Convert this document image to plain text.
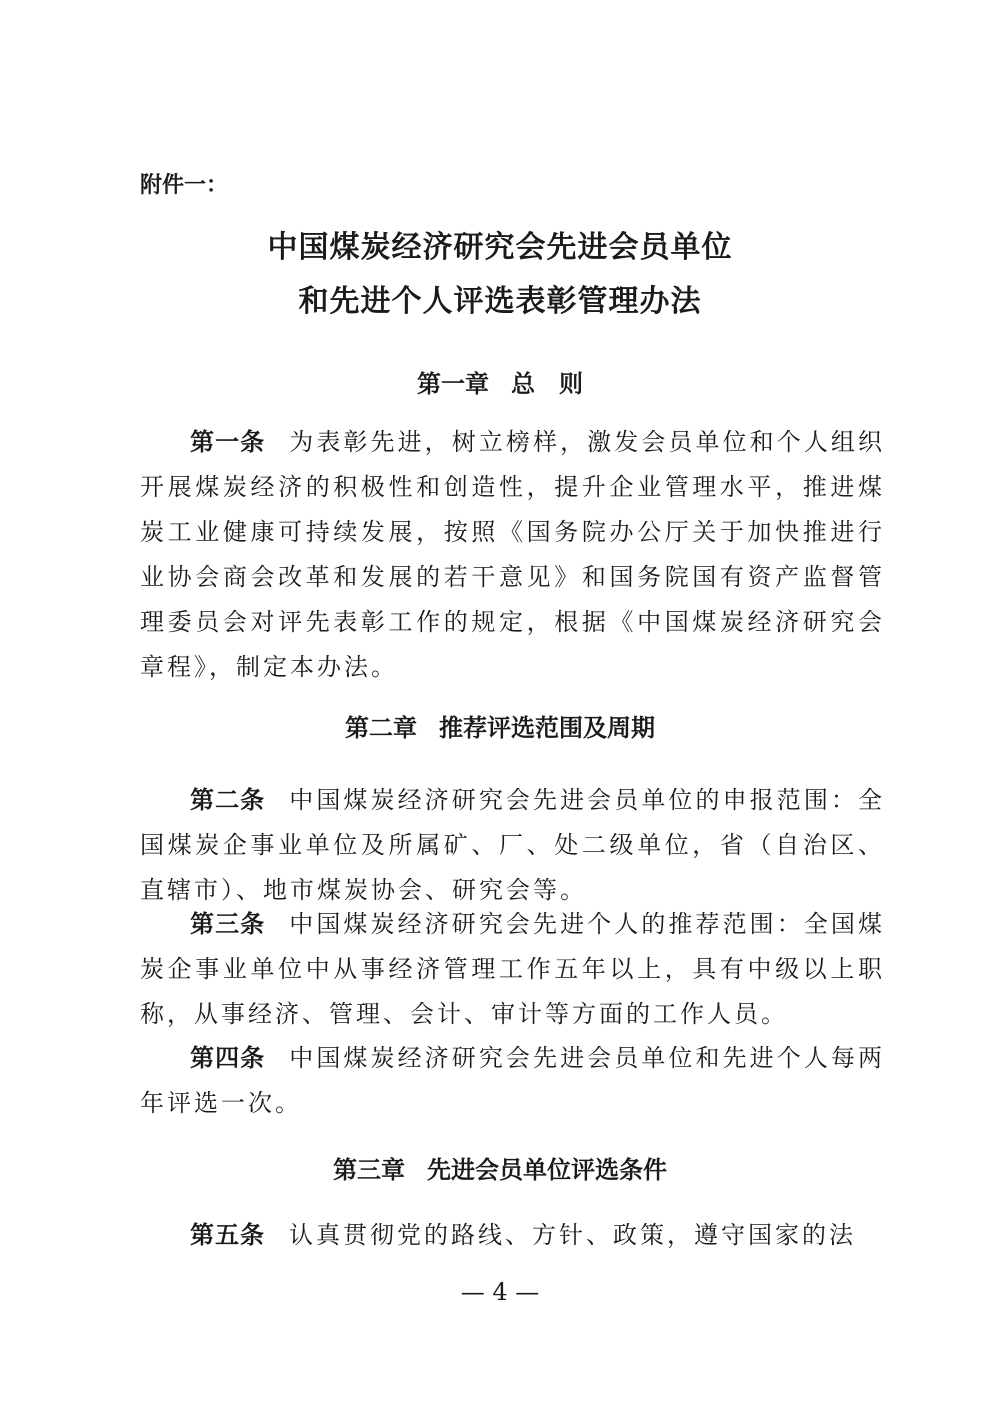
附件一：
中国煤炭经济研究会先进会员单位
和先进个人评选表彰管理办法
第一章 总　则
第一条 为表彰先进，树立榜样，激发会员单位和个人组织开展煤炭经济的积极性和创造性，提升企业管理水平，推进煤炭工业健康可持续发展，按照《国务院办公厅关于加快推进行业协会商会改革和发展的若干意见》和国务院国有资产监督管理委员会对评先表彰工作的规定，根据《中国煤炭经济研究会章程》，制定本办法。
第二章 推荐评选范围及周期
第二条 中国煤炭经济研究会先进会员单位的申报范围：全国煤炭企事业单位及所属矿、厂、处二级单位，省（自治区、直辖市）、地市煤炭协会、研究会等。
第三条 中国煤炭经济研究会先进个人的推荐范围：全国煤炭企事业单位中从事经济管理工作五年以上，具有中级以上职称，从事经济、管理、会计、审计等方面的工作人员。
第四条 中国煤炭经济研究会先进会员单位和先进个人每两年评选一次。
第三章 先进会员单位评选条件
第五条 认真贯彻党的路线、方针、政策，遵守国家的法
— 4 —
